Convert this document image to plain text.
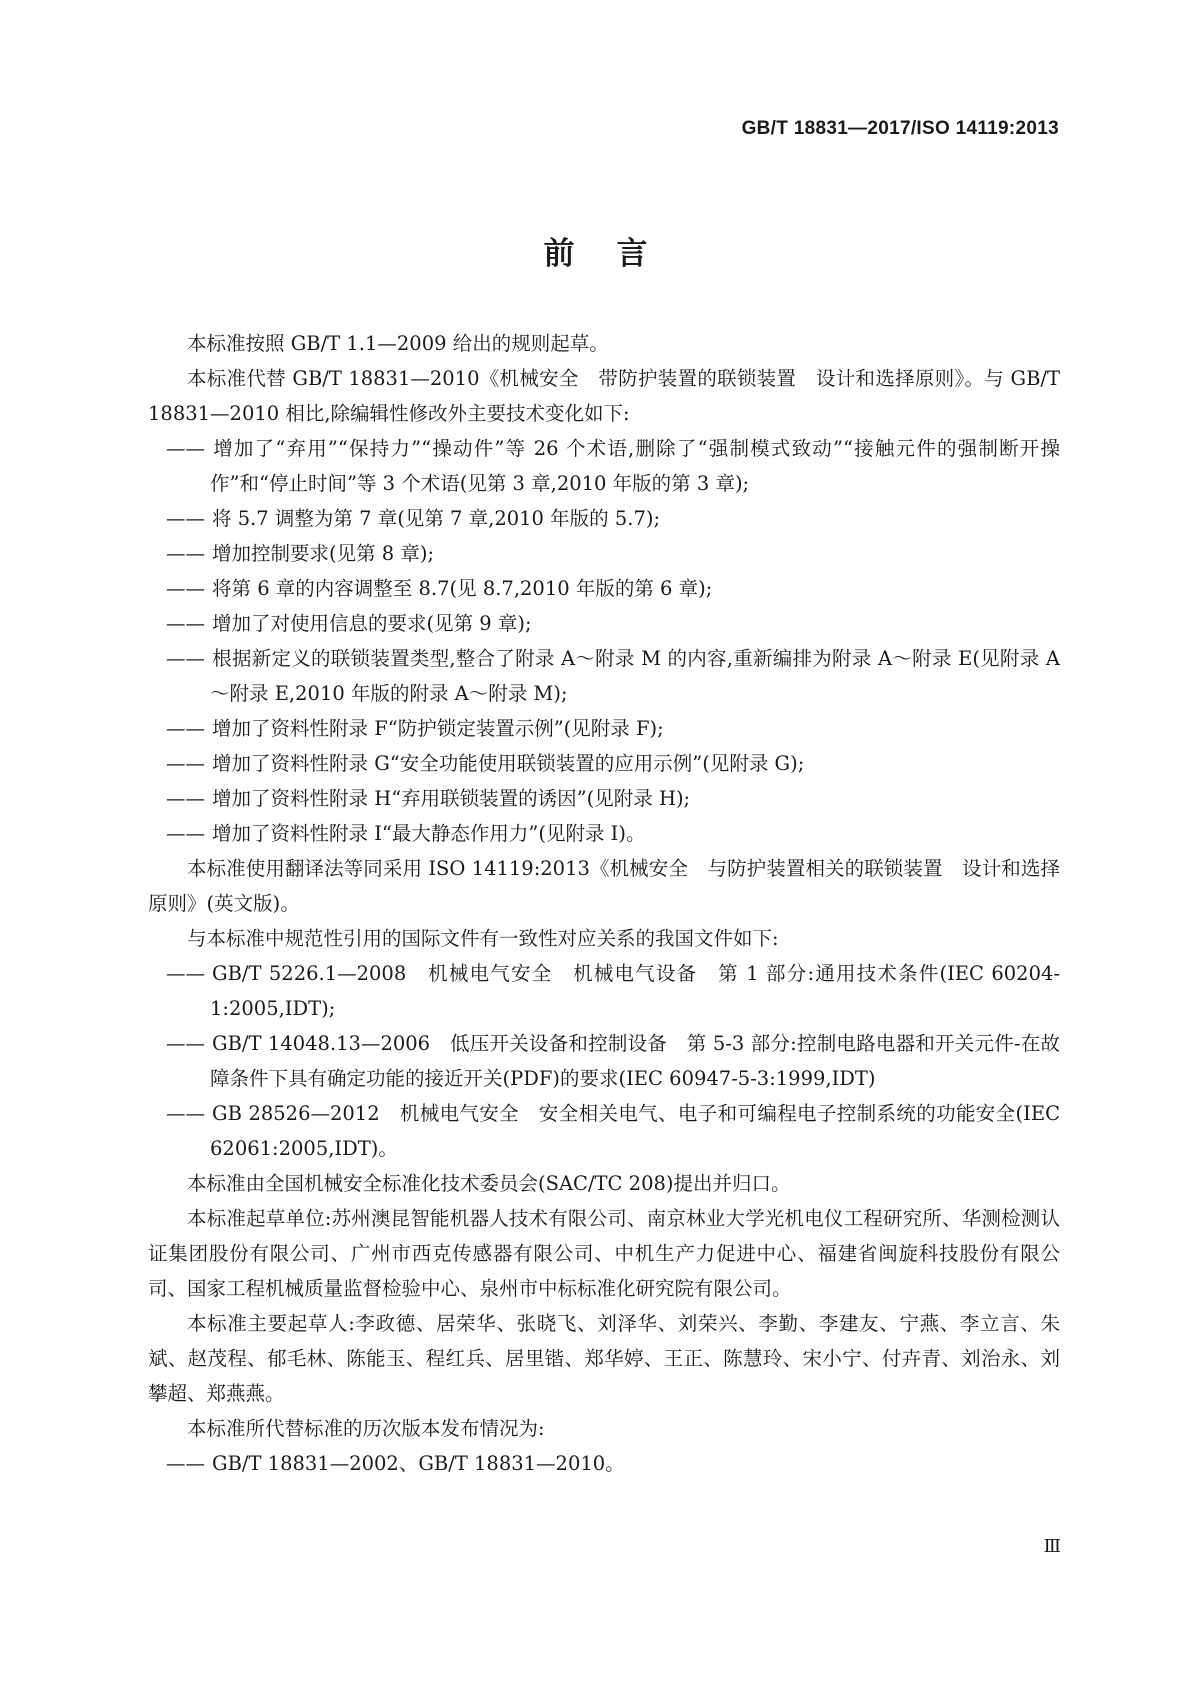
GB/T 18831—2017/ISO 14119:2013
前言

本标准按照 GB/T 1.1—2009 给出的规则起草。

本标准代替 GB/T 18831—2010《机械安全　带防护装置的联锁装置　设计和选择原则》。与 GB/T 18831—2010 相比,除编辑性修改外主要技术变化如下:

—— 增加了“弃用”“保持力”“操动件”等 26 个术语,删除了“强制模式致动”“接触元件的强制断开操作”和“停止时间”等 3 个术语(见第 3 章,2010 年版的第 3 章);

—— 将 5.7 调整为第 7 章(见第 7 章,2010 年版的 5.7);

—— 增加控制要求(见第 8 章);

—— 将第 6 章的内容调整至 8.7(见 8.7,2010 年版的第 6 章);

—— 增加了对使用信息的要求(见第 9 章);

—— 根据新定义的联锁装置类型,整合了附录 A～附录 M 的内容,重新编排为附录 A～附录 E(见附录 A～附录 E,2010 年版的附录 A～附录 M);

—— 增加了资料性附录 F“防护锁定装置示例”(见附录 F);

—— 增加了资料性附录 G“安全功能使用联锁装置的应用示例”(见附录 G);

—— 增加了资料性附录 H“弃用联锁装置的诱因”(见附录 H);

—— 增加了资料性附录 I“最大静态作用力”(见附录 I)。

本标准使用翻译法等同采用 ISO 14119:2013《机械安全　与防护装置相关的联锁装置　设计和选择原则》(英文版)。

与本标准中规范性引用的国际文件有一致性对应关系的我国文件如下:

—— GB/T 5226.1—2008　机械电气安全　机械电气设备　第 1 部分:通用技术条件(IEC 60204-1:2005,IDT);

—— GB/T 14048.13—2006　低压开关设备和控制设备　第 5-3 部分:控制电路电器和开关元件-在故障条件下具有确定功能的接近开关(PDF)的要求(IEC 60947-5-3:1999,IDT)

—— GB 28526—2012　机械电气安全　安全相关电气、电子和可编程电子控制系统的功能安全(IEC 62061:2005,IDT)。

本标准由全国机械安全标准化技术委员会(SAC/TC 208)提出并归口。

本标准起草单位:苏州澳昆智能机器人技术有限公司、南京林业大学光机电仪工程研究所、华测检测认证集团股份有限公司、广州市西克传感器有限公司、中机生产力促进中心、福建省闽旋科技股份有限公司、国家工程机械质量监督检验中心、泉州市中标标准化研究院有限公司。

本标准主要起草人:李政德、居荣华、张晓飞、刘泽华、刘荣兴、李勤、李建友、宁燕、李立言、朱斌、赵茂程、郁毛林、陈能玉、程红兵、居里锴、郑华婷、王正、陈慧玲、宋小宁、付卉青、刘治永、刘攀超、郑燕燕。

本标准所代替标准的历次版本发布情况为:

—— GB/T 18831—2002、GB/T 18831—2010。

Ⅲ
